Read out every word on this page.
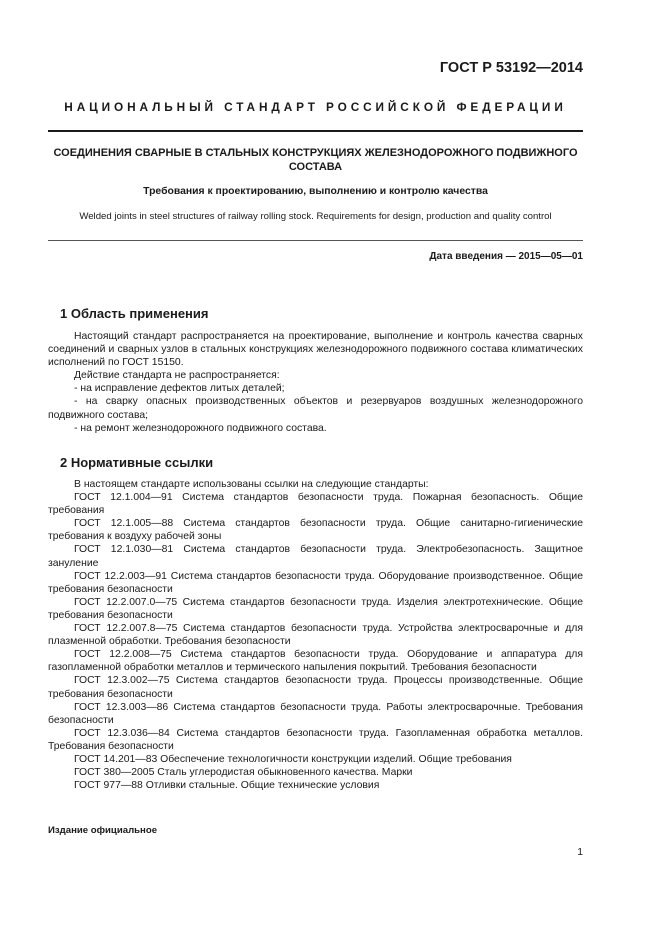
ГОСТ Р 53192—2014
НАЦИОНАЛЬНЫЙ СТАНДАРТ РОССИЙСКОЙ ФЕДЕРАЦИИ
СОЕДИНЕНИЯ СВАРНЫЕ В СТАЛЬНЫХ КОНСТРУКЦИЯХ ЖЕЛЕЗНОДОРОЖНОГО ПОДВИЖНОГО
СОСТАВА
Требования к проектированию, выполнению и контролю качества
Welded joints in steel structures of railway rolling stock. Requirements for design, production and quality control
Дата введения — 2015—05—01
1 Область применения

Настоящий стандарт распространяется на проектирование, выполнение и контроль качества сварных соединений и сварных узлов в стальных конструкциях железнодорожного подвижного состава климатических исполнений по ГОСТ 15150.

Действие стандарта не распространяется:

- на исправление дефектов литых деталей;

- на сварку опасных производственных объектов и резервуаров воздушных железнодорожного подвижного состава;

- на ремонт железнодорожного подвижного состава.

2 Нормативные ссылки

В настоящем стандарте использованы ссылки на следующие стандарты:

ГОСТ 12.1.004—91 Система стандартов безопасности труда. Пожарная безопасность. Общие требования

ГОСТ 12.1.005—88 Система стандартов безопасности труда. Общие санитарно-гигиенические требования к воздуху рабочей зоны

ГОСТ 12.1.030—81 Система стандартов безопасности труда. Электробезопасность. Защитное зануление

ГОСТ 12.2.003—91 Система стандартов безопасности труда. Оборудование производственное. Общие требования безопасности

ГОСТ 12.2.007.0—75 Система стандартов безопасности труда. Изделия электротехнические. Общие требования безопасности

ГОСТ 12.2.007.8—75 Система стандартов безопасности труда. Устройства электросварочные и для плазменной обработки. Требования безопасности

ГОСТ 12.2.008—75 Система стандартов безопасности труда. Оборудование и аппаратура для газопламенной обработки металлов и термического напыления покрытий. Требования безопасности

ГОСТ 12.3.002—75 Система стандартов безопасности труда. Процессы производственные. Общие требования безопасности

ГОСТ 12.3.003—86 Система стандартов безопасности труда. Работы электросварочные. Требования безопасности

ГОСТ 12.3.036—84 Система стандартов безопасности труда. Газопламенная обработка металлов. Требования безопасности

ГОСТ 14.201—83 Обеспечение технологичности конструкции изделий. Общие требования

ГОСТ 380—2005 Сталь углеродистая обыкновенного качества. Марки

ГОСТ 977—88 Отливки стальные. Общие технические условия

Издание официальное
1
